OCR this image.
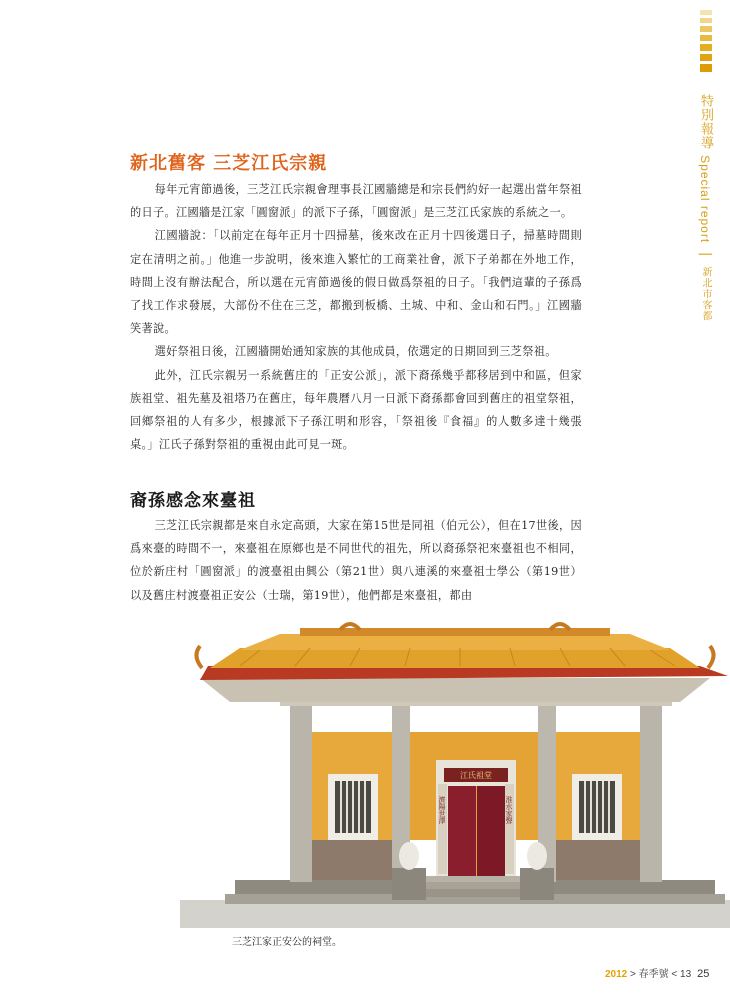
特別報導 Special report | 新北市客都
新北舊客 三芝江氏宗親

每年元宵節過後，三芝江氏宗親會理事長江國牆總是和宗長們約好一起選出當年祭祖的日子。江國牆是江家「圓窗派」的派下子孫，「圓窗派」是三芝江氏家族的系統之一。

江國牆說：「以前定在每年正月十四掃墓，後來改在正月十四後選日子，掃墓時間則定在清明之前。」他進一步說明，後來進入繁忙的工商業社會，派下子弟都在外地工作，時間上沒有辦法配合，所以選在元宵節過後的假日做爲祭祖的日子。「我們這輩的子孫爲了找工作求發展，大部份不住在三芝，都搬到板橋、土城、中和、金山和石門。」江國牆笑著說。

選好祭祖日後，江國牆開始通知家族的其他成員，依選定的日期回到三芝祭祖。

此外，江氏宗親另一系統舊庄的「正安公派」，派下裔孫幾乎都移居到中和區，但家族祖堂、祖先墓及祖塔乃在舊庄，每年農曆八月一日派下裔孫都會回到舊庄的祖堂祭祖，回鄉祭祖的人有多少，根據派下子孫江明和形容，「祭祖後『食福』的人數多達十幾張桌。」江氏子孫對祭祖的重視由此可見一斑。

裔孫感念來臺祖

三芝江氏宗親都是來自永定高頭，大家在第15世是同祖（伯元公），但在17世後，因爲來臺的時間不一，來臺祖在原鄉也是不同世代的祖先，所以裔孫祭祀來臺祖也不相同，位於新庄村「圓窗派」的渡臺祖由興公（第21世）與八連溪的來臺祖士學公（第19世）以及舊庄村渡臺祖正安公（士瑞，第19世），他們都是來臺祖，都由

江氏祖堂
濟陽世澤	淮水家聲
三芝江家正安公的祠堂。
2012 > 春季號 < 13 25
